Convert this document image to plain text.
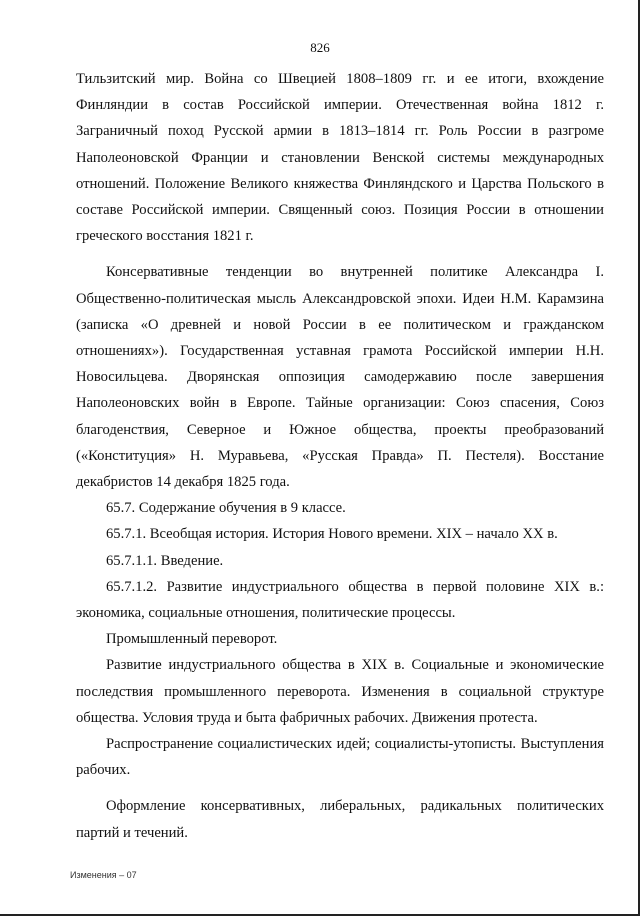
826

Тильзитский мир. Война со Швецией 1808–1809 гг. и ее итоги, вхождение Финляндии в состав Российской империи. Отечественная война 1812 г. Заграничный поход Русской армии в 1813–1814 гг. Роль России в разгроме Наполеоновской Франции и становлении Венской системы международных отношений. Положение Великого княжества Финляндского и Царства Польского в составе Российской империи. Священный союз. Позиция России в отношении греческого восстания 1821 г.

Консервативные тенденции во внутренней политике Александра I. Общественно-политическая мысль Александровской эпохи. Идеи Н.М. Карамзина (записка «О древней и новой России в ее политическом и гражданском отношениях»). Государственная уставная грамота Российской империи Н.Н. Новосильцева. Дворянская оппозиция самодержавию после завершения Наполеоновских войн в Европе. Тайные организации: Союз спасения, Союз благоденствия, Северное и Южное общества, проекты преобразований («Конституция» Н. Муравьева, «Русская Правда» П. Пестеля). Восстание декабристов 14 декабря 1825 года.

65.7. Содержание обучения в 9 классе.

65.7.1. Всеобщая история. История Нового времени. XIX – начало XX в.

65.7.1.1. Введение.

65.7.1.2. Развитие индустриального общества в первой половине XIX в.: экономика, социальные отношения, политические процессы.

Промышленный переворот.

Развитие индустриального общества в XIX в. Социальные и экономические последствия промышленного переворота. Изменения в социальной структуре общества. Условия труда и быта фабричных рабочих. Движения протеста.

Распространение социалистических идей; социалисты-утописты. Выступления рабочих.

Оформление консервативных, либеральных, радикальных политических партий и течений.

Изменения – 07
